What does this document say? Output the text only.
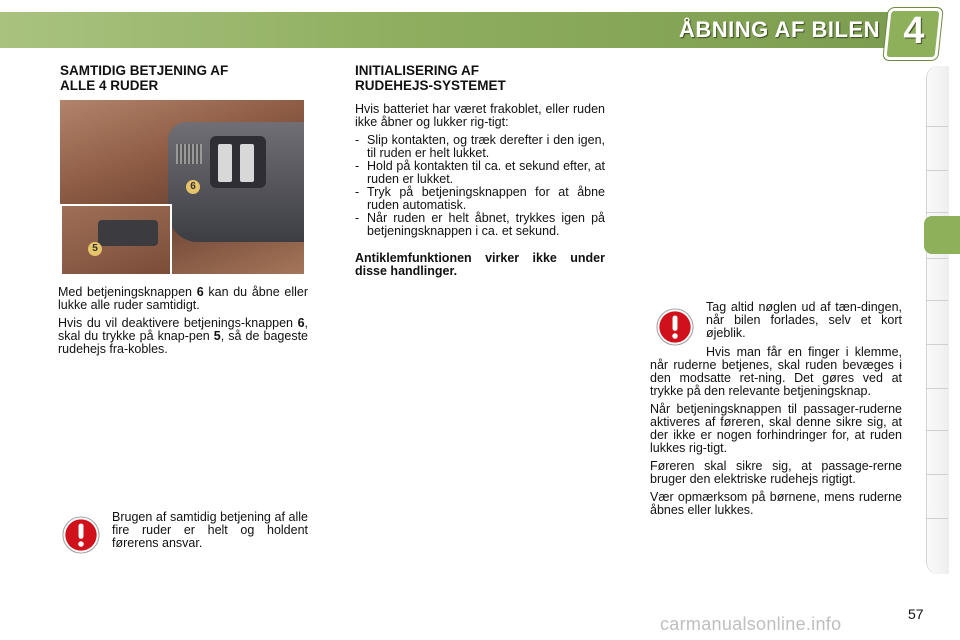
ÅBNING AF BILEN 4
SAMTIDIG BETJENING AF
ALLE 4 RUDER
6
5

Med betjeningsknappen 6 kan du åbne eller lukke alle ruder samtidigt.

Hvis du vil deaktivere betjenings-knappen 6, skal du trykke på knap-pen 5, så de bageste rudehejs fra-kobles.

Brugen af samtidig betjening af alle fire ruder er helt og holdent førerens ansvar.
INITIALISERING AF
RUDEHEJS-SYSTEMET

Hvis batteriet har været frakoblet, eller ruden ikke åbner og lukker rig-tigt:

- Slip kontakten, og træk derefter i den igen, til ruden er helt lukket.
- Hold på kontakten til ca. et sekund efter, at ruden er lukket.
- Tryk på betjeningsknappen for at åbne ruden automatisk.
- Når ruden er helt åbnet, trykkes igen på betjeningsknappen i ca. et sekund.

Antiklemfunktionen virker ikke under disse handlinger.

Tag altid nøglen ud af tæn-dingen, når bilen forlades, selv et kort øjeblik.

Hvis man får en finger i klemme, når ruderne betjenes, skal ruden bevæges i den modsatte ret-ning. Det gøres ved at trykke på den relevante betjeningsknap.

Når betjeningsknappen til passager-ruderne aktiveres af føreren, skal denne sikre sig, at der ikke er nogen forhindringer for, at ruden lukkes rig-tigt.

Føreren skal sikre sig, at passage-rerne bruger den elektriske rudehejs rigtigt.

Vær opmærksom på børnene, mens ruderne åbnes eller lukkes.

carmanualsonline.info	57
